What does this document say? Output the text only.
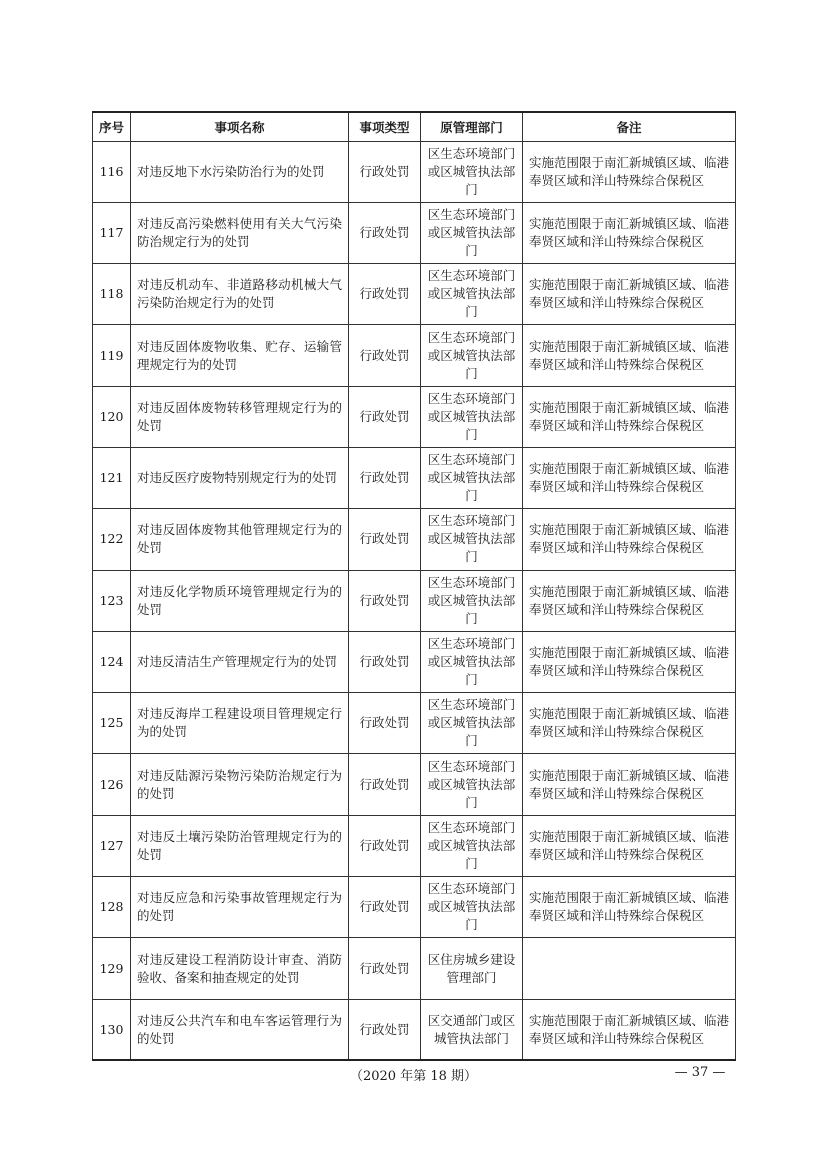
序号	事项名称	事项类型	原管理部门	备注
116	对违反地下水污染防治行为的处罚	行政处罚	区生态环境部门或区城管执法部门	实施范围限于南汇新城镇区域、临港奉贤区域和洋山特殊综合保税区
117	对违反高污染燃料使用有关大气污染防治规定行为的处罚	行政处罚	区生态环境部门或区城管执法部门	实施范围限于南汇新城镇区域、临港奉贤区域和洋山特殊综合保税区
118	对违反机动车、非道路移动机械大气污染防治规定行为的处罚	行政处罚	区生态环境部门或区城管执法部门	实施范围限于南汇新城镇区域、临港奉贤区域和洋山特殊综合保税区
119	对违反固体废物收集、贮存、运输管理规定行为的处罚	行政处罚	区生态环境部门或区城管执法部门	实施范围限于南汇新城镇区域、临港奉贤区域和洋山特殊综合保税区
120	对违反固体废物转移管理规定行为的处罚	行政处罚	区生态环境部门或区城管执法部门	实施范围限于南汇新城镇区域、临港奉贤区域和洋山特殊综合保税区
121	对违反医疗废物特别规定行为的处罚	行政处罚	区生态环境部门或区城管执法部门	实施范围限于南汇新城镇区域、临港奉贤区域和洋山特殊综合保税区
122	对违反固体废物其他管理规定行为的处罚	行政处罚	区生态环境部门或区城管执法部门	实施范围限于南汇新城镇区域、临港奉贤区域和洋山特殊综合保税区
123	对违反化学物质环境管理规定行为的处罚	行政处罚	区生态环境部门或区城管执法部门	实施范围限于南汇新城镇区域、临港奉贤区域和洋山特殊综合保税区
124	对违反清洁生产管理规定行为的处罚	行政处罚	区生态环境部门或区城管执法部门	实施范围限于南汇新城镇区域、临港奉贤区域和洋山特殊综合保税区
125	对违反海岸工程建设项目管理规定行为的处罚	行政处罚	区生态环境部门或区城管执法部门	实施范围限于南汇新城镇区域、临港奉贤区域和洋山特殊综合保税区
126	对违反陆源污染物污染防治规定行为的处罚	行政处罚	区生态环境部门或区城管执法部门	实施范围限于南汇新城镇区域、临港奉贤区域和洋山特殊综合保税区
127	对违反土壤污染防治管理规定行为的处罚	行政处罚	区生态环境部门或区城管执法部门	实施范围限于南汇新城镇区域、临港奉贤区域和洋山特殊综合保税区
128	对违反应急和污染事故管理规定行为的处罚	行政处罚	区生态环境部门或区城管执法部门	实施范围限于南汇新城镇区域、临港奉贤区域和洋山特殊综合保税区
129	对违反建设工程消防设计审查、消防验收、备案和抽查规定的处罚	行政处罚	区住房城乡建设管理部门	
130	对违反公共汽车和电车客运管理行为的处罚	行政处罚	区交通部门或区城管执法部门	实施范围限于南汇新城镇区域、临港奉贤区域和洋山特殊综合保税区
（2020 年第 18 期）	— 37 —
